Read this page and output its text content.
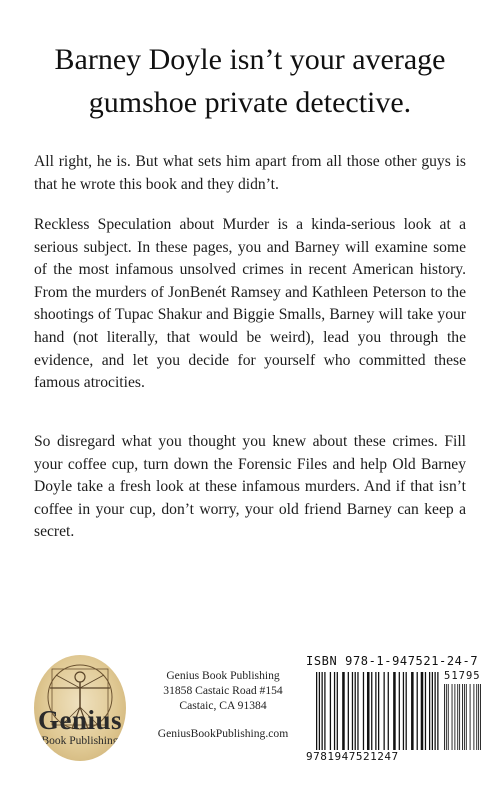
Barney Doyle isn’t your average gumshoe private detective.

All right, he is. But what sets him apart from all those other guys is that he wrote this book and they didn’t.

Reckless Speculation about Murder is a kinda-serious look at a serious subject. In these pages, you and Barney will examine some of the most infamous unsolved crimes in recent American history. From the murders of JonBenét Ramsey and Kathleen Peterson to the shootings of Tupac Shakur and Biggie Smalls, Barney will take your hand (not literally, that would be weird), lead you through the evidence, and let you decide for yourself who committed these famous atrocities.

So disregard what you thought you knew about these crimes. Fill your coffee cup, turn down the Forensic Files and help Old Barney Doyle take a fresh look at these infamous murders. And if that isn’t coffee in your cup, don’t worry, your old friend Barney can keep a secret.

Genius
Book Publishing
Genius Book Publishing
31858 Castaic Road #154
Castaic, CA 91384
GeniusBookPublishing.com
ISBN 978-1-947521-24-7
51795
9781947521247
